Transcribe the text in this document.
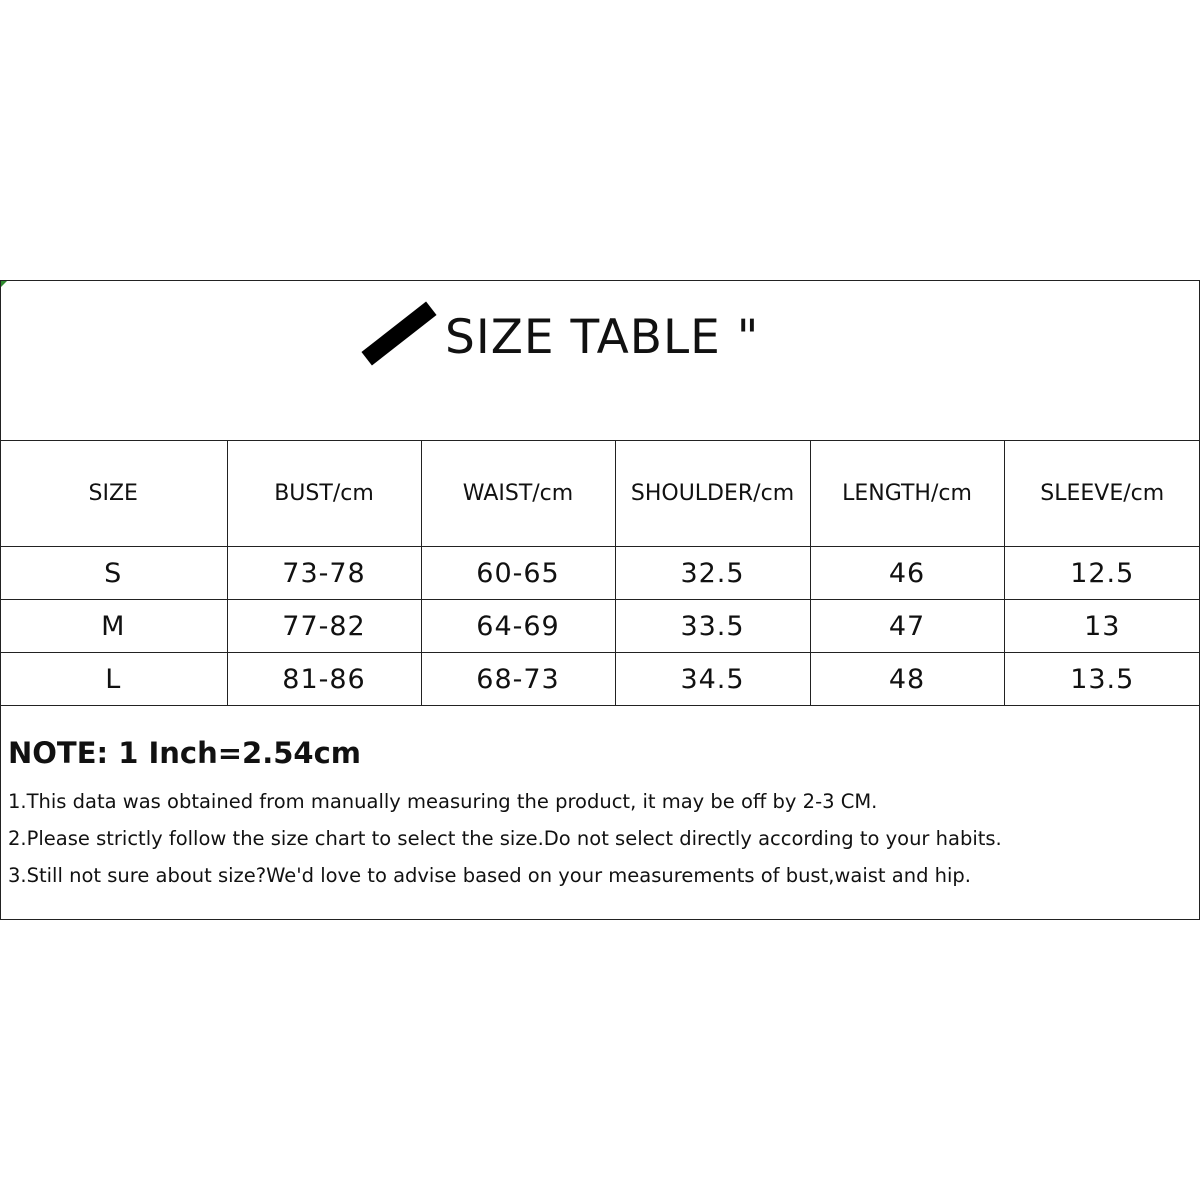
SIZE TABLE "
SIZE	BUST/cm	WAIST/cm	SHOULDER/cm	LENGTH/cm	SLEEVE/cm
S	73-78	60-65	32.5	46	12.5
M	77-82	64-69	33.5	47	13
L	81-86	68-73	34.5	48	13.5

NOTE: 1 Inch=2.54cm

1.This data was obtained from manually measuring the product, it may be off by 2-3 CM.

2.Please strictly follow the size chart to select the size.Do not select directly according to your habits.

3.Still not sure about size?We'd love to advise based on your measurements of bust,waist and hip.
